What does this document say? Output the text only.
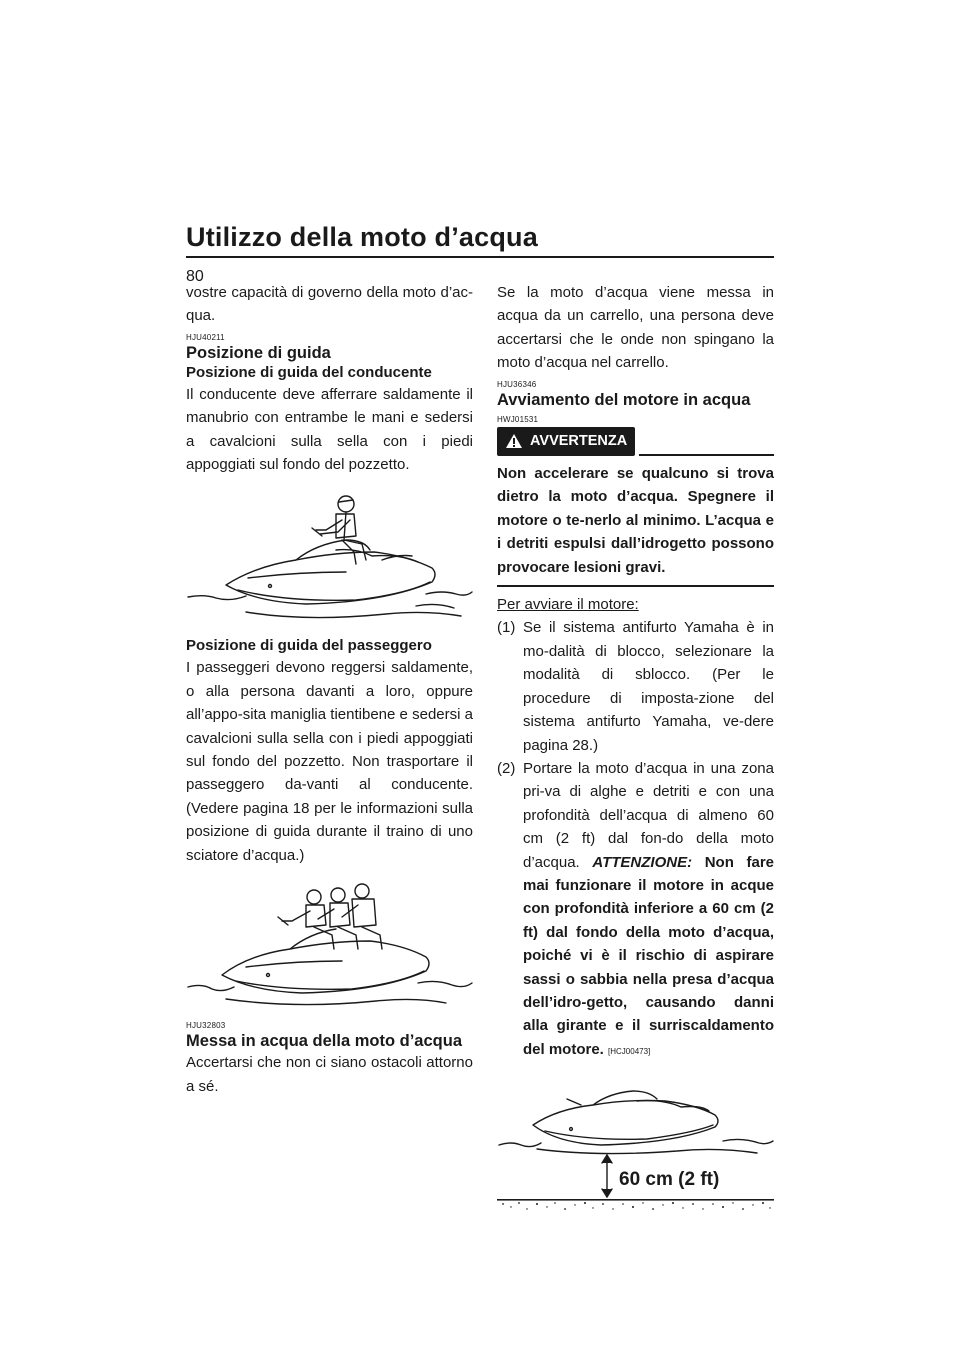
Utilizzo della moto d’acqua
80

vostre capacità di governo della moto d’ac-qua.

HJU40211
Posizione di guida
Posizione di guida del conducente

Il conducente deve afferrare saldamente il manubrio con entrambe le mani e sedersi a cavalcioni sulla sella con i piedi appoggiati sul fondo del pozzetto.

Posizione di guida del passeggero

I passeggeri devono reggersi saldamente, o alla persona davanti a loro, oppure all’appo-sita maniglia tientibene e sedersi a cavalcioni sulla sella con i piedi appoggiati sul fondo del pozzetto. Non trasportare il passeggero da-vanti al conducente. (Vedere pagina 18 per le informazioni sulla posizione di guida durante il traino di uno sciatore d’acqua.)

HJU32803
Messa in acqua della moto d’acqua

Accertarsi che non ci siano ostacoli attorno a sé.

Se la moto d’acqua viene messa in acqua da un carrello, una persona deve accertarsi che le onde non spingano la moto d’acqua nel carrello.

HJU36346
Avviamento del motore in acqua
HWJ01531
AVVERTENZA

Non accelerare se qualcuno si trova dietro la moto d’acqua. Spegnere il motore o te-nerlo al minimo. L’acqua e i detriti espulsi dall’idrogetto possono provocare lesioni gravi.

Per avviare il motore:

(1) Se il sistema antifurto Yamaha è in mo-dalità di blocco, selezionare la modalità di sblocco. (Per le procedure di imposta-zione del sistema antifurto Yamaha, ve-dere pagina 28.)
(2) Portare la moto d’acqua in una zona pri-va di alghe e detriti e con una profondità dell’acqua di almeno 60 cm (2 ft) dal fon-do della moto d’acqua. ATTENZIONE: Non fare mai funzionare il motore in acque con profondità inferiore a 60 cm (2 ft) dal fondo della moto d’acqua, poiché vi è il rischio di aspirare sassi o sabbia nella presa d’acqua dell’idro-getto, causando danni alla girante e il surriscaldamento del motore. [HCJ00473]
60 cm (2 ft)
